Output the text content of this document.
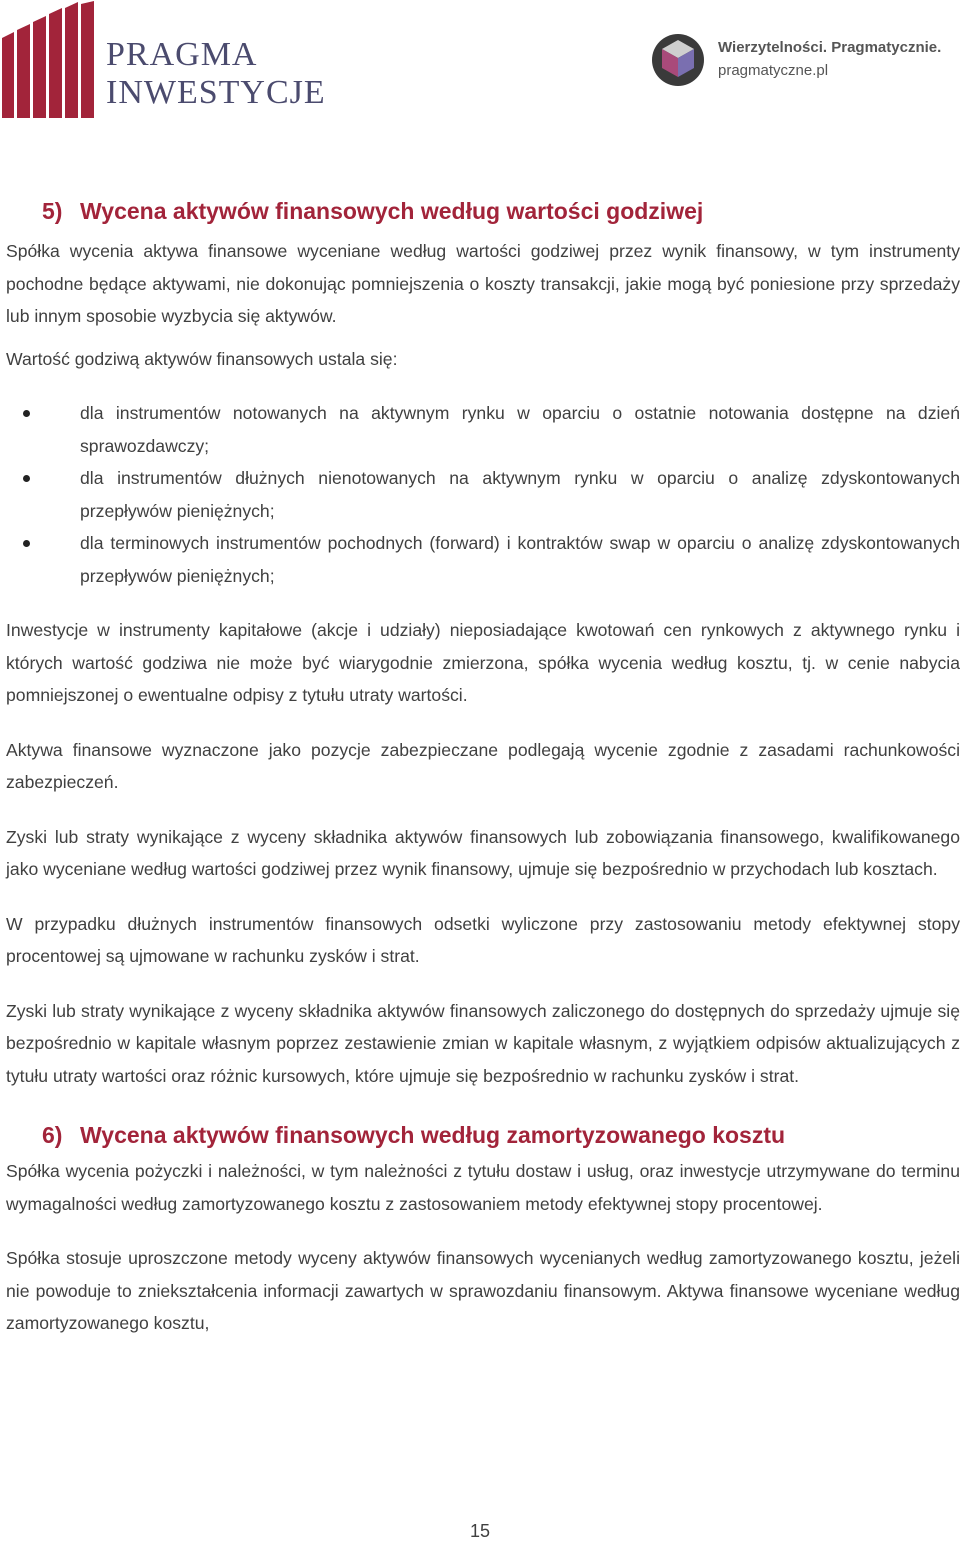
PRAGMA
INWESTYCJE
Wierzytelności. Pragmatycznie.
pragmatyczne.pl
5) Wycena aktywów finansowych według wartości godziwej

Spółka wycenia aktywa finansowe wyceniane według wartości godziwej przez wynik finansowy, w tym instrumenty pochodne będące aktywami, nie dokonując pomniejszenia o koszty transakcji, jakie mogą być poniesione przy sprzedaży lub innym sposobie wyzbycia się aktywów.

Wartość godziwą aktywów finansowych ustala się:

dla instrumentów notowanych na aktywnym rynku w oparciu o ostatnie notowania dostępne na dzień sprawozdawczy;

dla instrumentów dłużnych nienotowanych na aktywnym rynku w oparciu o analizę zdyskontowanych przepływów pieniężnych;

dla terminowych instrumentów pochodnych (forward) i kontraktów swap w oparciu o analizę zdyskontowanych przepływów pieniężnych;

Inwestycje w instrumenty kapitałowe (akcje i udziały) nieposiadające kwotowań cen rynkowych z aktywnego rynku i których wartość godziwa nie może być wiarygodnie zmierzona, spółka wycenia według kosztu, tj. w cenie nabycia pomniejszonej o ewentualne odpisy z tytułu utraty wartości.

Aktywa finansowe wyznaczone jako pozycje zabezpieczane podlegają wycenie zgodnie z zasadami rachunkowości zabezpieczeń.

Zyski lub straty wynikające z wyceny składnika aktywów finansowych lub zobowiązania finansowego, kwalifikowanego jako wyceniane według wartości godziwej przez wynik finansowy, ujmuje się bezpośrednio w przychodach lub kosztach.

W przypadku dłużnych instrumentów finansowych odsetki wyliczone przy zastosowaniu metody efektywnej stopy procentowej są ujmowane w rachunku zysków i strat.

Zyski lub straty wynikające z wyceny składnika aktywów finansowych zaliczonego do dostępnych do sprzedaży ujmuje się bezpośrednio w kapitale własnym poprzez zestawienie zmian w kapitale własnym, z wyjątkiem odpisów aktualizujących z tytułu utraty wartości oraz różnic kursowych, które ujmuje się bezpośrednio w rachunku zysków i strat.

6) Wycena aktywów finansowych według zamortyzowanego kosztu

Spółka wycenia pożyczki i należności, w tym należności z tytułu dostaw i usług, oraz inwestycje utrzymywane do terminu wymagalności według zamortyzowanego kosztu z zastosowaniem metody efektywnej stopy procentowej.

Spółka stosuje uproszczone metody wyceny aktywów finansowych wycenianych według zamortyzowanego kosztu, jeżeli nie powoduje to zniekształcenia informacji zawartych w sprawozdaniu finansowym. Aktywa finansowe wyceniane według zamortyzowanego kosztu,

15
